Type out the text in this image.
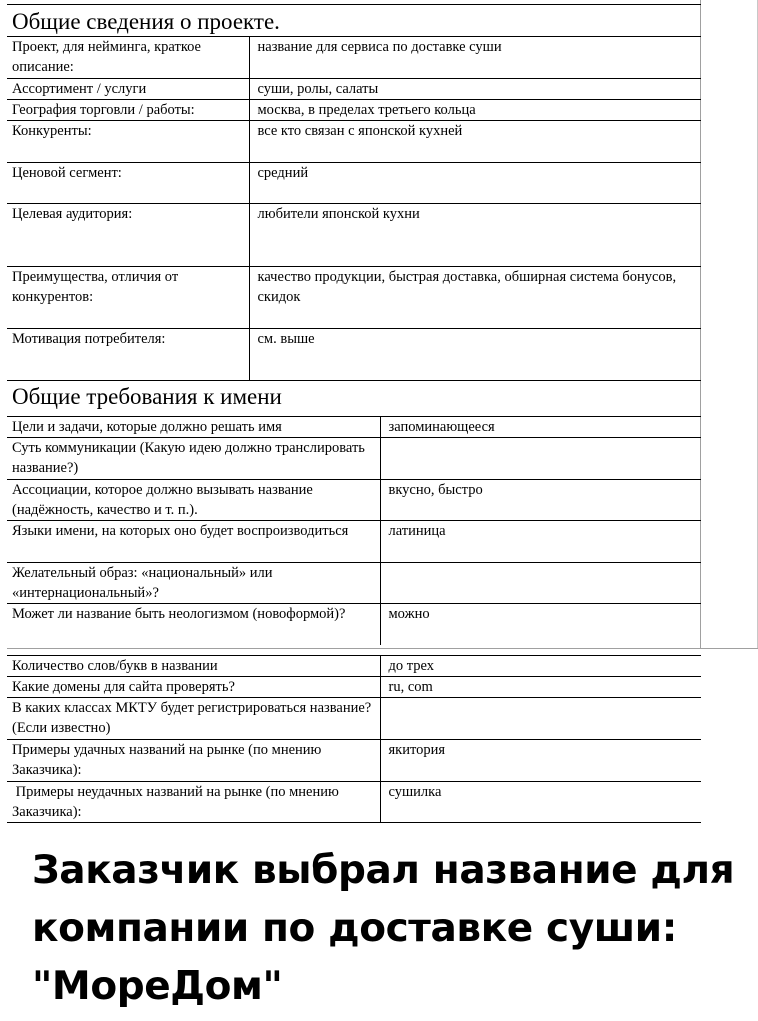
Общие сведения о проекте.	
Проект, для нейминга, краткое описание:	название для сервиса по доставке суши
Ассортимент / услуги	суши, ролы, салаты
География торговли / работы:	москва, в пределах третьего кольца
Конкуренты:	все кто связан с японской кухней
Ценовой сегмент:	средний
Целевая аудитория:	любители японской кухни
Преимущества, отличия от конкурентов:	качество продукции, быстрая доставка, обширная система бонусов, скидок
Мотивация потребителя:	см. выше
Общие требования к имени	
Цели и задачи, которые должно решать имя	запоминающееся
Суть коммуникации (Какую идею должно транслировать название?)	
Ассоциации, которое должно вызывать название (надёжность, качество и т. п.).	вкусно, быстро
Языки имени, на которых оно будет воспроизводиться	латиница
Желательный образ: «национальный» или «интернациональный»?	
Может ли название быть неологизмом (новоформой)?	можно
Количество слов/букв в названии	до трех
Какие домены для сайта проверять?	ru, com
В каких классах МКТУ будет регистрироваться название? (Если известно)	
Примеры удачных названий на рынке (по мнению Заказчика):	якитория
Примеры неудачных названий на рынке (по мнению Заказчика):	сушилка
Заказчик выбрал название для компании по доставке суши: "МореДом"
